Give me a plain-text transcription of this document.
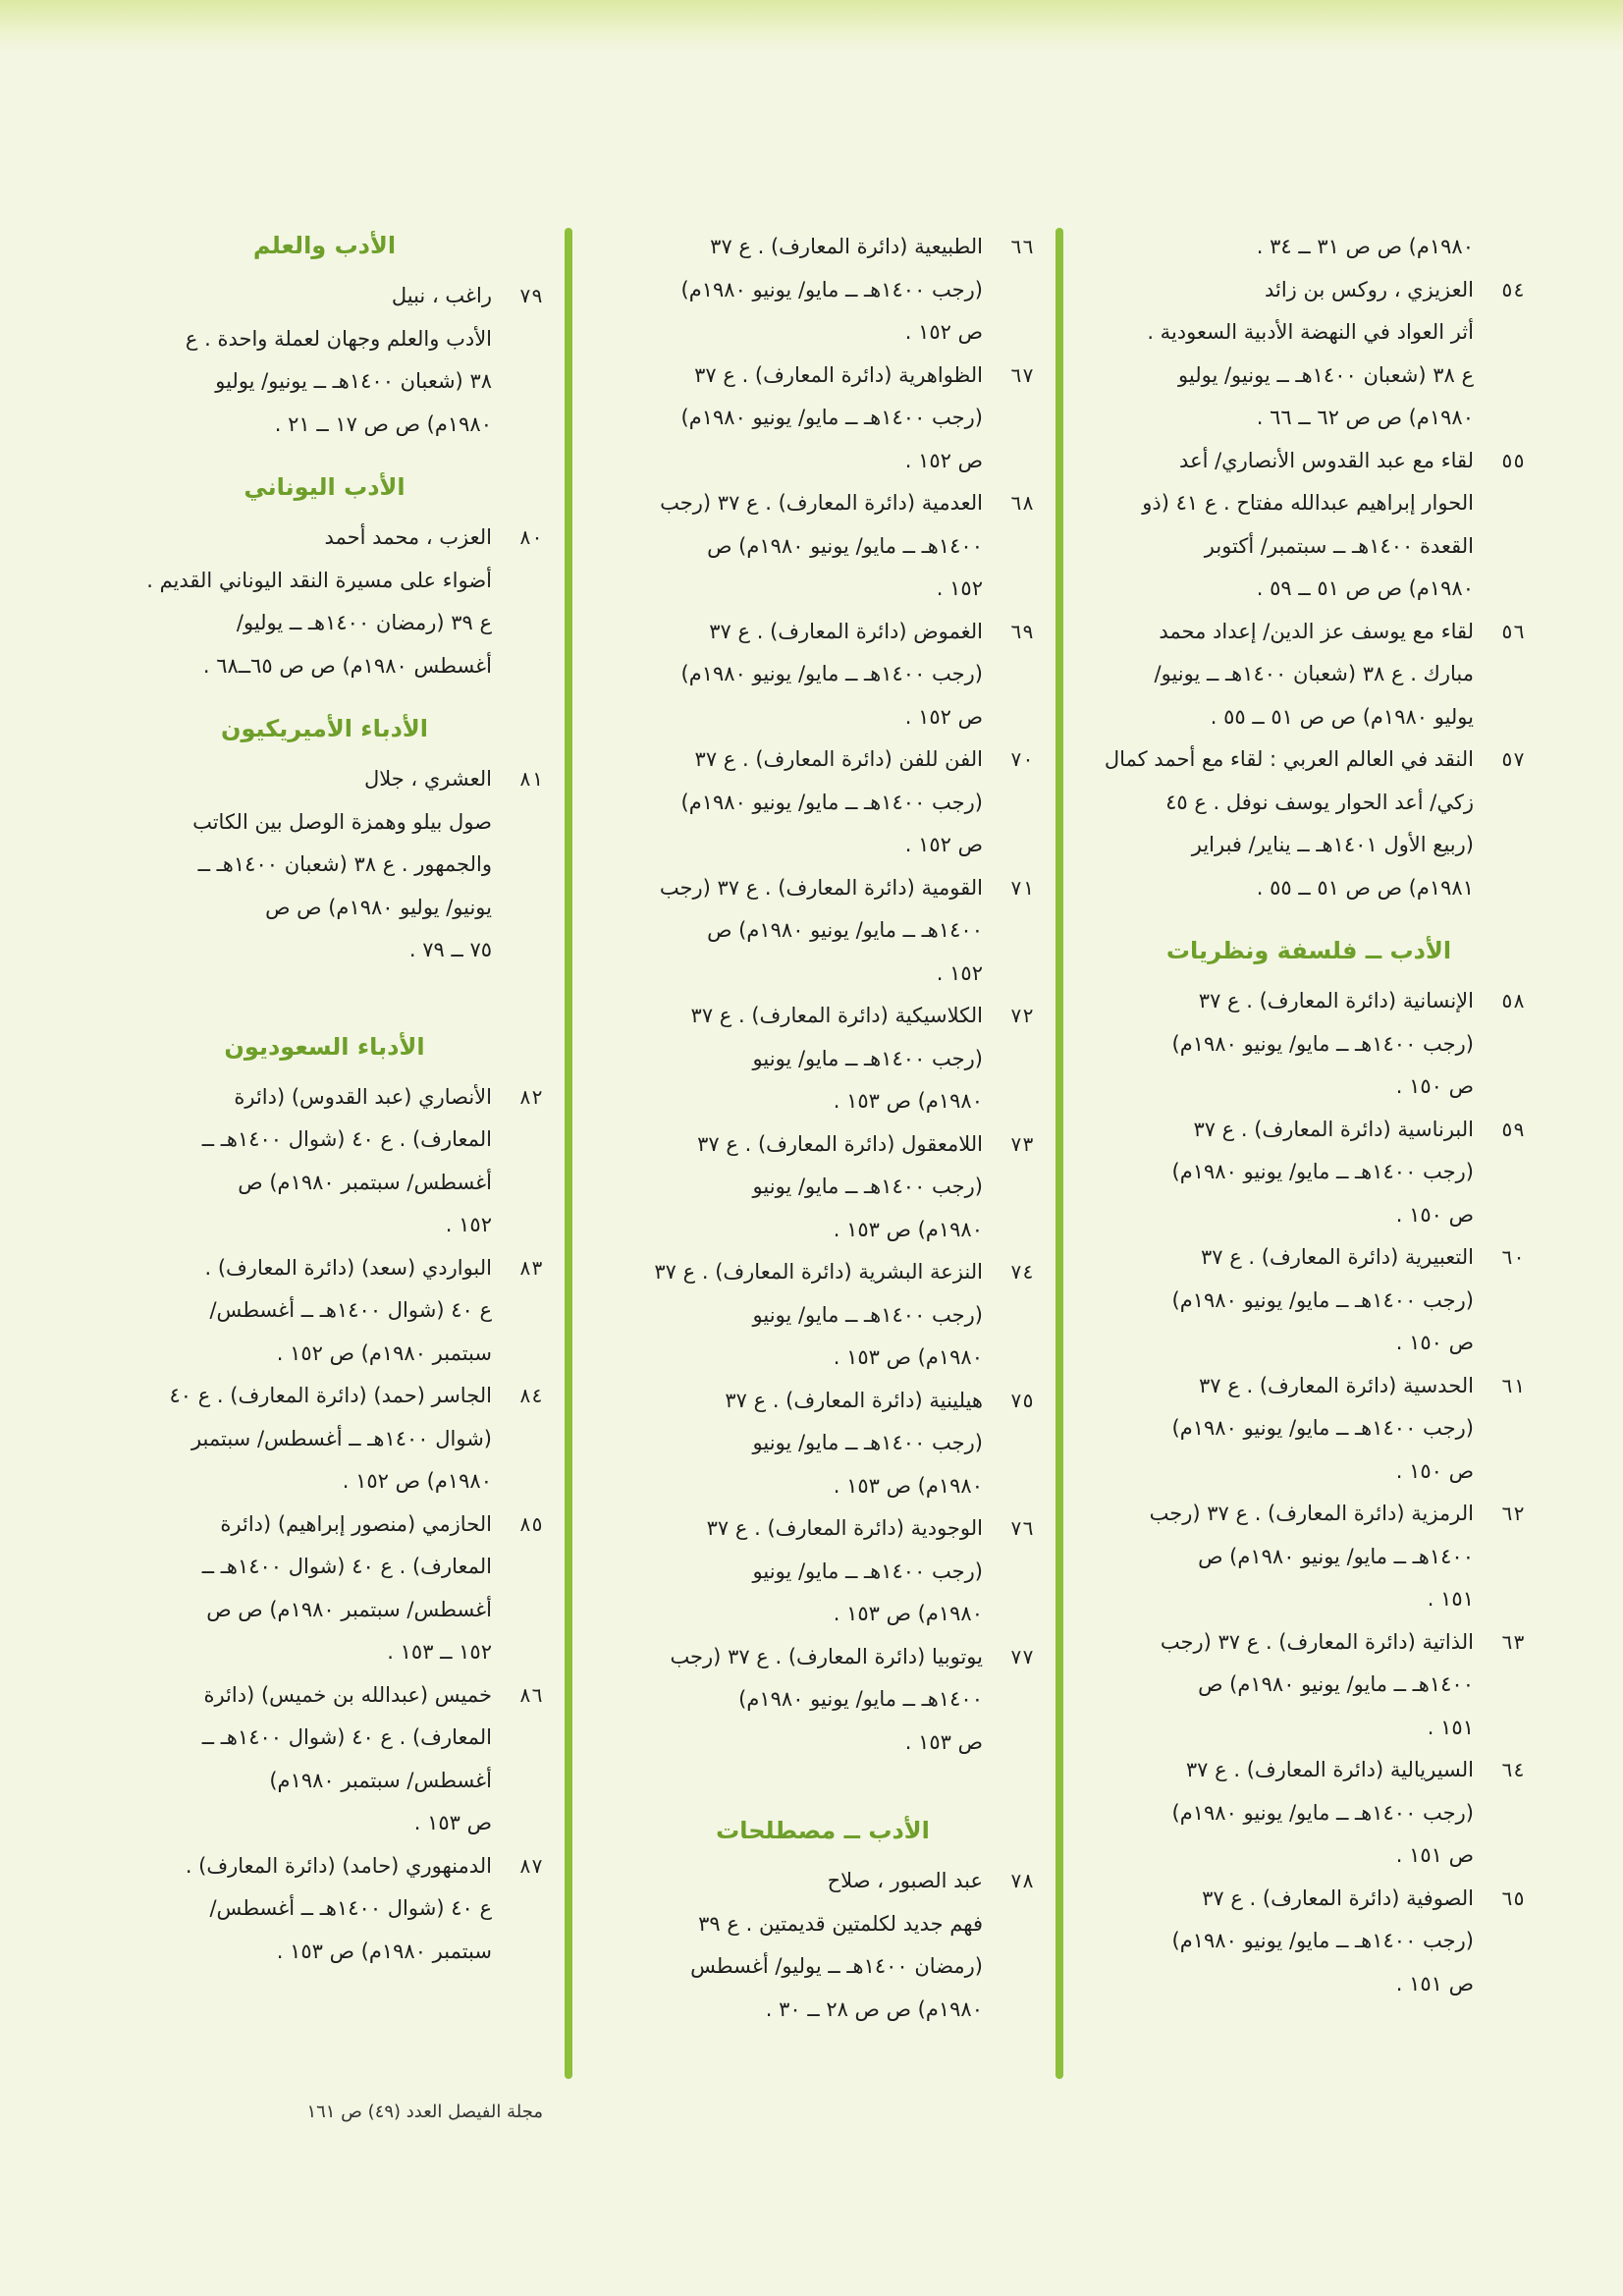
١٩٨٠م) ص ص ٣١ ــ ٣٤ .
٥٤
العزيزي ، روكس بن زائد
أثر العواد في النهضة الأدبية السعودية .
ع ٣٨ (شعبان ١٤٠٠هـ ــ يونيو/ يوليو
١٩٨٠م) ص ص ٦٢ ــ ٦٦ .
٥٥
لقاء مع عبد القدوس الأنصاري/ أعد
الحوار إبراهيم عبدالله مفتاح . ع ٤١ (ذو
القعدة ١٤٠٠هـ ــ سبتمبر/ أكتوبر
١٩٨٠م) ص ص ٥١ ــ ٥٩ .
٥٦
لقاء مع يوسف عز الدين/ إعداد محمد
مبارك . ع ٣٨ (شعبان ١٤٠٠هـ ــ يونيو/
يوليو ١٩٨٠م) ص ص ٥١ ــ ٥٥ .
٥٧
النقد في العالم العربي : لقاء مع أحمد كمال
زكي/ أعد الحوار يوسف نوفل . ع ٤٥
(ربيع الأول ١٤٠١هـ ــ يناير/ فبراير
١٩٨١م) ص ص ٥١ ــ ٥٥ .
الأدب ــ فلسفة ونظريات
٥٨
الإنسانية (دائرة المعارف) . ع ٣٧
(رجب ١٤٠٠هـ ــ مايو/ يونيو ١٩٨٠م)
ص ١٥٠ .
٥٩
البرناسية (دائرة المعارف) . ع ٣٧
(رجب ١٤٠٠هـ ــ مايو/ يونيو ١٩٨٠م)
ص ١٥٠ .
٦٠
التعبيرية (دائرة المعارف) . ع ٣٧
(رجب ١٤٠٠هـ ــ مايو/ يونيو ١٩٨٠م)
ص ١٥٠ .
٦١
الحدسية (دائرة المعارف) . ع ٣٧
(رجب ١٤٠٠هـ ــ مايو/ يونيو ١٩٨٠م)
ص ١٥٠ .
٦٢
الرمزية (دائرة المعارف) . ع ٣٧ (رجب
١٤٠٠هـ ــ مايو/ يونيو ١٩٨٠م) ص
١٥١ .
٦٣
الذاتية (دائرة المعارف) . ع ٣٧ (رجب
١٤٠٠هـ ــ مايو/ يونيو ١٩٨٠م) ص
١٥١ .
٦٤
السيريالية (دائرة المعارف) . ع ٣٧
(رجب ١٤٠٠هـ ــ مايو/ يونيو ١٩٨٠م)
ص ١٥١ .
٦٥
الصوفية (دائرة المعارف) . ع ٣٧
(رجب ١٤٠٠هـ ــ مايو/ يونيو ١٩٨٠م)
ص ١٥١ .
٦٦
الطبيعية (دائرة المعارف) . ع ٣٧
(رجب ١٤٠٠هـ ــ مايو/ يونيو ١٩٨٠م)
ص ١٥٢ .
٦٧
الظواهرية (دائرة المعارف) . ع ٣٧
(رجب ١٤٠٠هـ ــ مايو/ يونيو ١٩٨٠م)
ص ١٥٢ .
٦٨
العدمية (دائرة المعارف) . ع ٣٧ (رجب
١٤٠٠هـ ــ مايو/ يونيو ١٩٨٠م) ص
١٥٢ .
٦٩
الغموض (دائرة المعارف) . ع ٣٧
(رجب ١٤٠٠هـ ــ مايو/ يونيو ١٩٨٠م)
ص ١٥٢ .
٧٠
الفن للفن (دائرة المعارف) . ع ٣٧
(رجب ١٤٠٠هـ ــ مايو/ يونيو ١٩٨٠م)
ص ١٥٢ .
٧١
القومية (دائرة المعارف) . ع ٣٧ (رجب
١٤٠٠هـ ــ مايو/ يونيو ١٩٨٠م) ص
١٥٢ .
٧٢
الكلاسيكية (دائرة المعارف) . ع ٣٧
(رجب ١٤٠٠هـ ــ مايو/ يونيو
١٩٨٠م) ص ١٥٣ .
٧٣
اللامعقول (دائرة المعارف) . ع ٣٧
(رجب ١٤٠٠هـ ــ مايو/ يونيو
١٩٨٠م) ص ١٥٣ .
٧٤
النزعة البشرية (دائرة المعارف) . ع ٣٧
(رجب ١٤٠٠هـ ــ مايو/ يونيو
١٩٨٠م) ص ١٥٣ .
٧٥
هيلينية (دائرة المعارف) . ع ٣٧
(رجب ١٤٠٠هـ ــ مايو/ يونيو
١٩٨٠م) ص ١٥٣ .
٧٦
الوجودية (دائرة المعارف) . ع ٣٧
(رجب ١٤٠٠هـ ــ مايو/ يونيو
١٩٨٠م) ص ١٥٣ .
٧٧
يوتوبيا (دائرة المعارف) . ع ٣٧ (رجب
١٤٠٠هـ ــ مايو/ يونيو ١٩٨٠م)
ص ١٥٣ .
الأدب ــ مصطلحات
٧٨
عبد الصبور ، صلاح
فهم جديد لكلمتين قديمتين . ع ٣٩
(رمضان ١٤٠٠هـ ــ يوليو/ أغسطس
١٩٨٠م) ص ص ٢٨ ــ ٣٠ .
الأدب والعلم
٧٩
راغب ، نبيل
الأدب والعلم وجهان لعملة واحدة . ع
٣٨ (شعبان ١٤٠٠هـ ــ يونيو/ يوليو
١٩٨٠م) ص ص ١٧ ــ ٢١ .
الأدب اليوناني
٨٠
العزب ، محمد أحمد
أضواء على مسيرة النقد اليوناني القديم .
ع ٣٩ (رمضان ١٤٠٠هـ ــ يوليو/
أغسطس ١٩٨٠م) ص ص ٦٥ــ٦٨ .
الأدباء الأميريكيون
٨١
العشري ، جلال
صول بيلو وهمزة الوصل بين الكاتب
والجمهور . ع ٣٨ (شعبان ١٤٠٠هـ ــ
يونيو/ يوليو ١٩٨٠م) ص ص
٧٥ ــ ٧٩ .
الأدباء السعوديون
٨٢
الأنصاري (عبد القدوس) (دائرة
المعارف) . ع ٤٠ (شوال ١٤٠٠هـ ــ
أغسطس/ سبتمبر ١٩٨٠م) ص
١٥٢ .
٨٣
البواردي (سعد) (دائرة المعارف) .
ع ٤٠ (شوال ١٤٠٠هـ ــ أغسطس/
سبتمبر ١٩٨٠م) ص ١٥٢ .
٨٤
الجاسر (حمد) (دائرة المعارف) . ع ٤٠
(شوال ١٤٠٠هـ ــ أغسطس/ سبتمبر
١٩٨٠م) ص ١٥٢ .
٨٥
الحازمي (منصور إبراهيم) (دائرة
المعارف) . ع ٤٠ (شوال ١٤٠٠هـ ــ
أغسطس/ سبتمبر ١٩٨٠م) ص ص
١٥٢ ــ ١٥٣ .
٨٦
خميس (عبدالله بن خميس) (دائرة
المعارف) . ع ٤٠ (شوال ١٤٠٠هـ ــ
أغسطس/ سبتمبر ١٩٨٠م)
ص ١٥٣ .
٨٧
الدمنهوري (حامد) (دائرة المعارف) .
ع ٤٠ (شوال ١٤٠٠هـ ــ أغسطس/
سبتمبر ١٩٨٠م) ص ١٥٣ .
مجلة الفيصل العدد (٤٩) ص ١٦١
